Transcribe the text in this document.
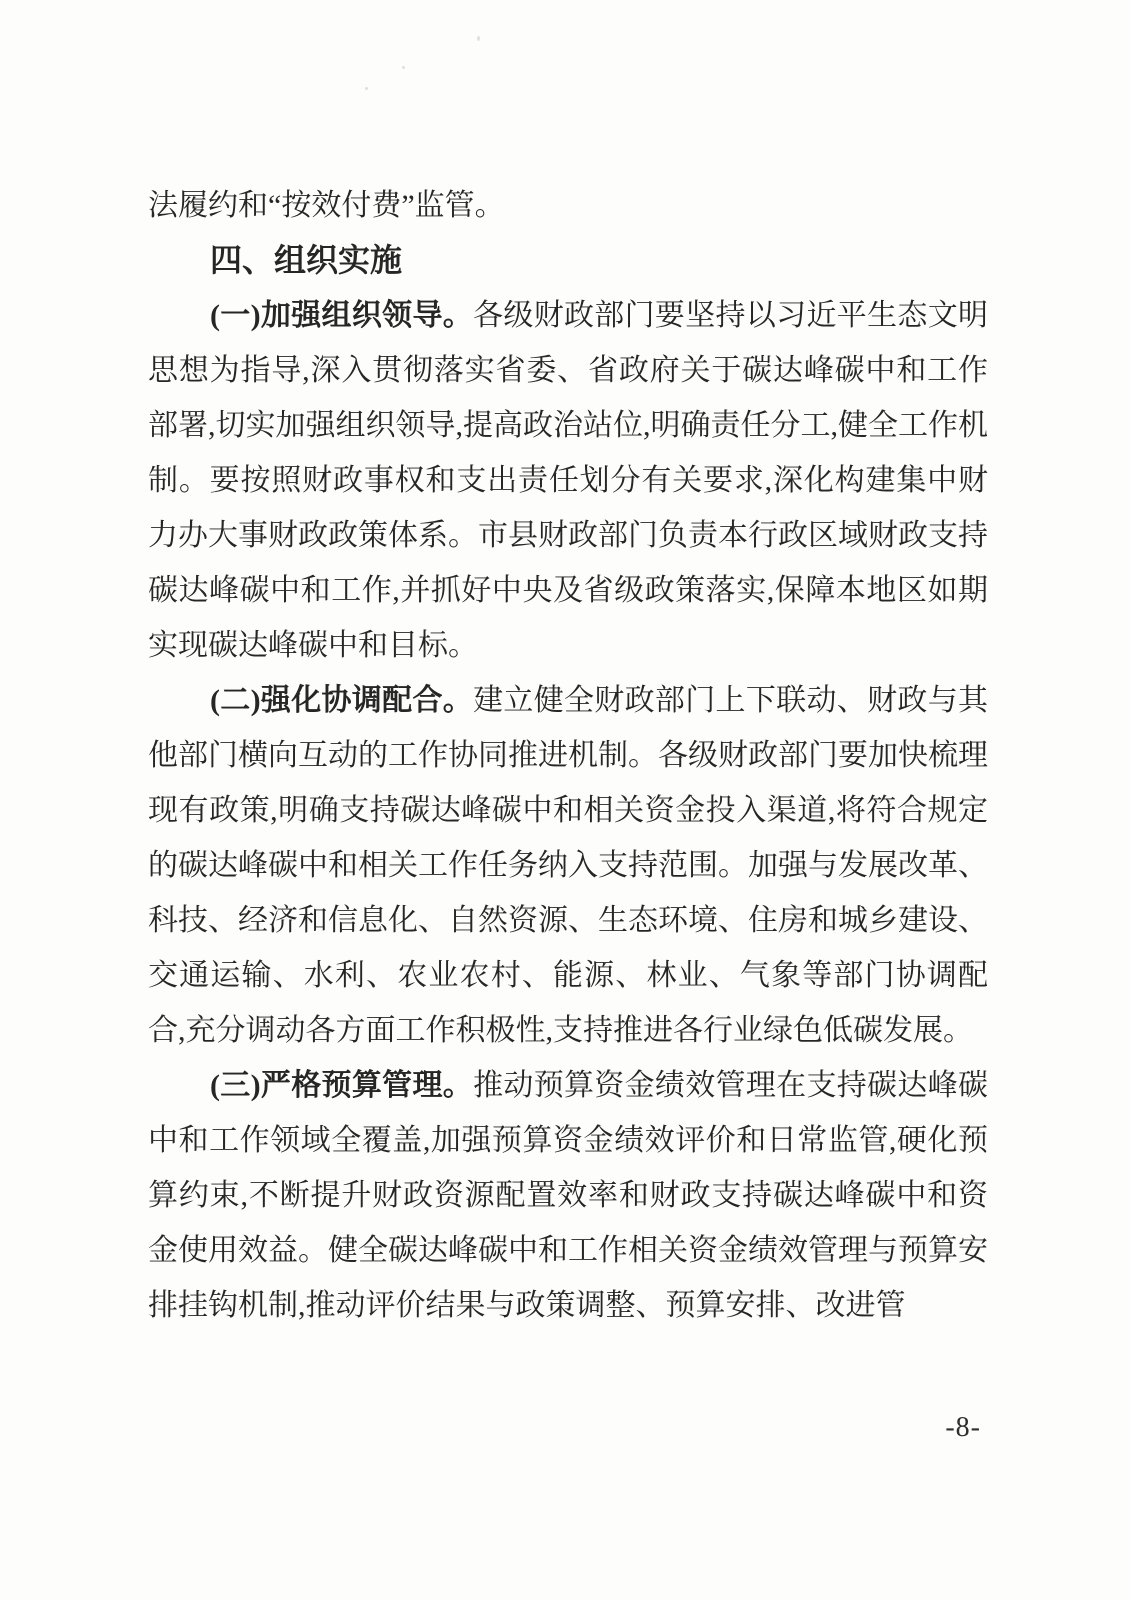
法履约和“按效付费”监管。

四、组织实施

(一)加强组织领导。各级财政部门要坚持以习近平生态文明思想为指导,深入贯彻落实省委、省政府关于碳达峰碳中和工作部署,切实加强组织领导,提高政治站位,明确责任分工,健全工作机制。要按照财政事权和支出责任划分有关要求,深化构建集中财力办大事财政政策体系。市县财政部门负责本行政区域财政支持碳达峰碳中和工作,并抓好中央及省级政策落实,保障本地区如期实现碳达峰碳中和目标。

(二)强化协调配合。建立健全财政部门上下联动、财政与其他部门横向互动的工作协同推进机制。各级财政部门要加快梳理现有政策,明确支持碳达峰碳中和相关资金投入渠道,将符合规定的碳达峰碳中和相关工作任务纳入支持范围。加强与发展改革、科技、经济和信息化、自然资源、生态环境、住房和城乡建设、交通运输、水利、农业农村、能源、林业、气象等部门协调配合,充分调动各方面工作积极性,支持推进各行业绿色低碳发展。

(三)严格预算管理。推动预算资金绩效管理在支持碳达峰碳中和工作领域全覆盖,加强预算资金绩效评价和日常监管,硬化预算约束,不断提升财政资源配置效率和财政支持碳达峰碳中和资金使用效益。健全碳达峰碳中和工作相关资金绩效管理与预算安排挂钩机制,推动评价结果与政策调整、预算安排、改进管

-8-
